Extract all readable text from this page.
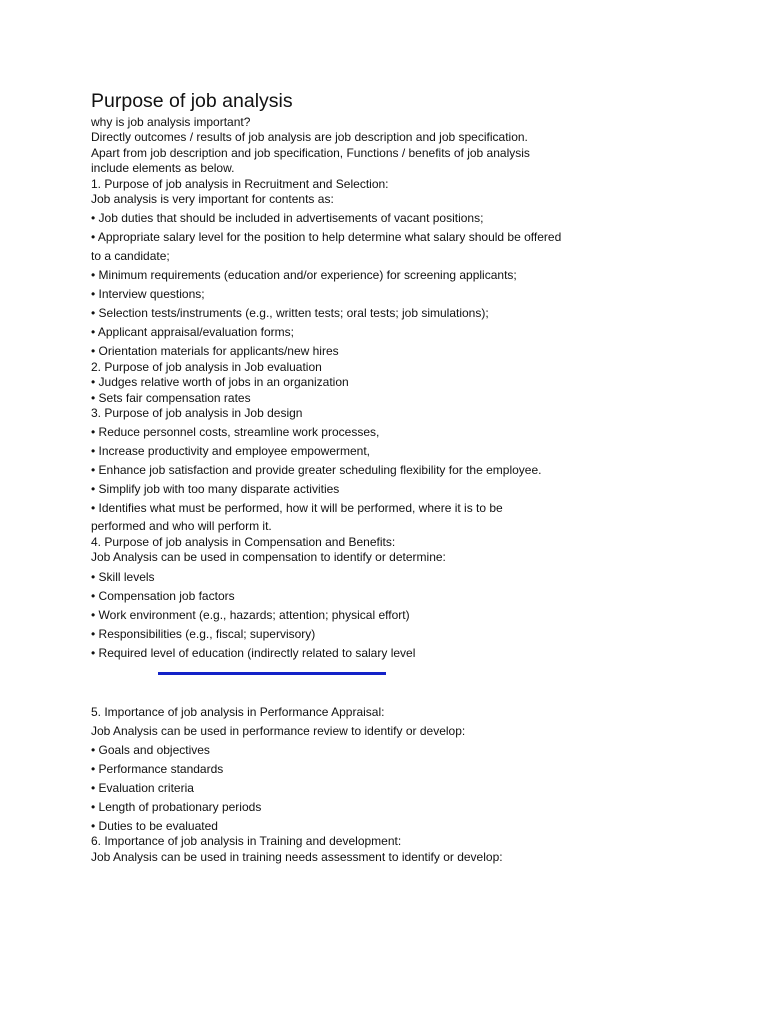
Purpose of job analysis
why is job analysis important?
Directly outcomes / results of job analysis are job description and job specification.
Apart from job description and job specification, Functions / benefits of job analysis
include elements as below.
1. Purpose of job analysis in Recruitment and Selection:
Job analysis is very important for contents as:
• Job duties that should be included in advertisements of vacant positions;
• Appropriate salary level for the position to help determine what salary should be offered
to a candidate;
• Minimum requirements (education and/or experience) for screening applicants;
• Interview questions;
• Selection tests/instruments (e.g., written tests; oral tests; job simulations);
• Applicant appraisal/evaluation forms;
• Orientation materials for applicants/new hires
2. Purpose of job analysis in Job evaluation
• Judges relative worth of jobs in an organization
• Sets fair compensation rates
3. Purpose of job analysis in Job design
• Reduce personnel costs, streamline work processes,
• Increase productivity and employee empowerment,
• Enhance job satisfaction and provide greater scheduling flexibility for the employee.
• Simplify job with too many disparate activities
• Identifies what must be performed, how it will be performed, where it is to be
performed and who will perform it.
4. Purpose of job analysis in Compensation and Benefits:
Job Analysis can be used in compensation to identify or determine:
• Skill levels
• Compensation job factors
• Work environment (e.g., hazards; attention; physical effort)
• Responsibilities (e.g., fiscal; supervisory)
• Required level of education (indirectly related to salary level
5. Importance of job analysis in Performance Appraisal:
Job Analysis can be used in performance review to identify or develop:
• Goals and objectives
• Performance standards
• Evaluation criteria
• Length of probationary periods
• Duties to be evaluated
6. Importance of job analysis in Training and development:
Job Analysis can be used in training needs assessment to identify or develop:
